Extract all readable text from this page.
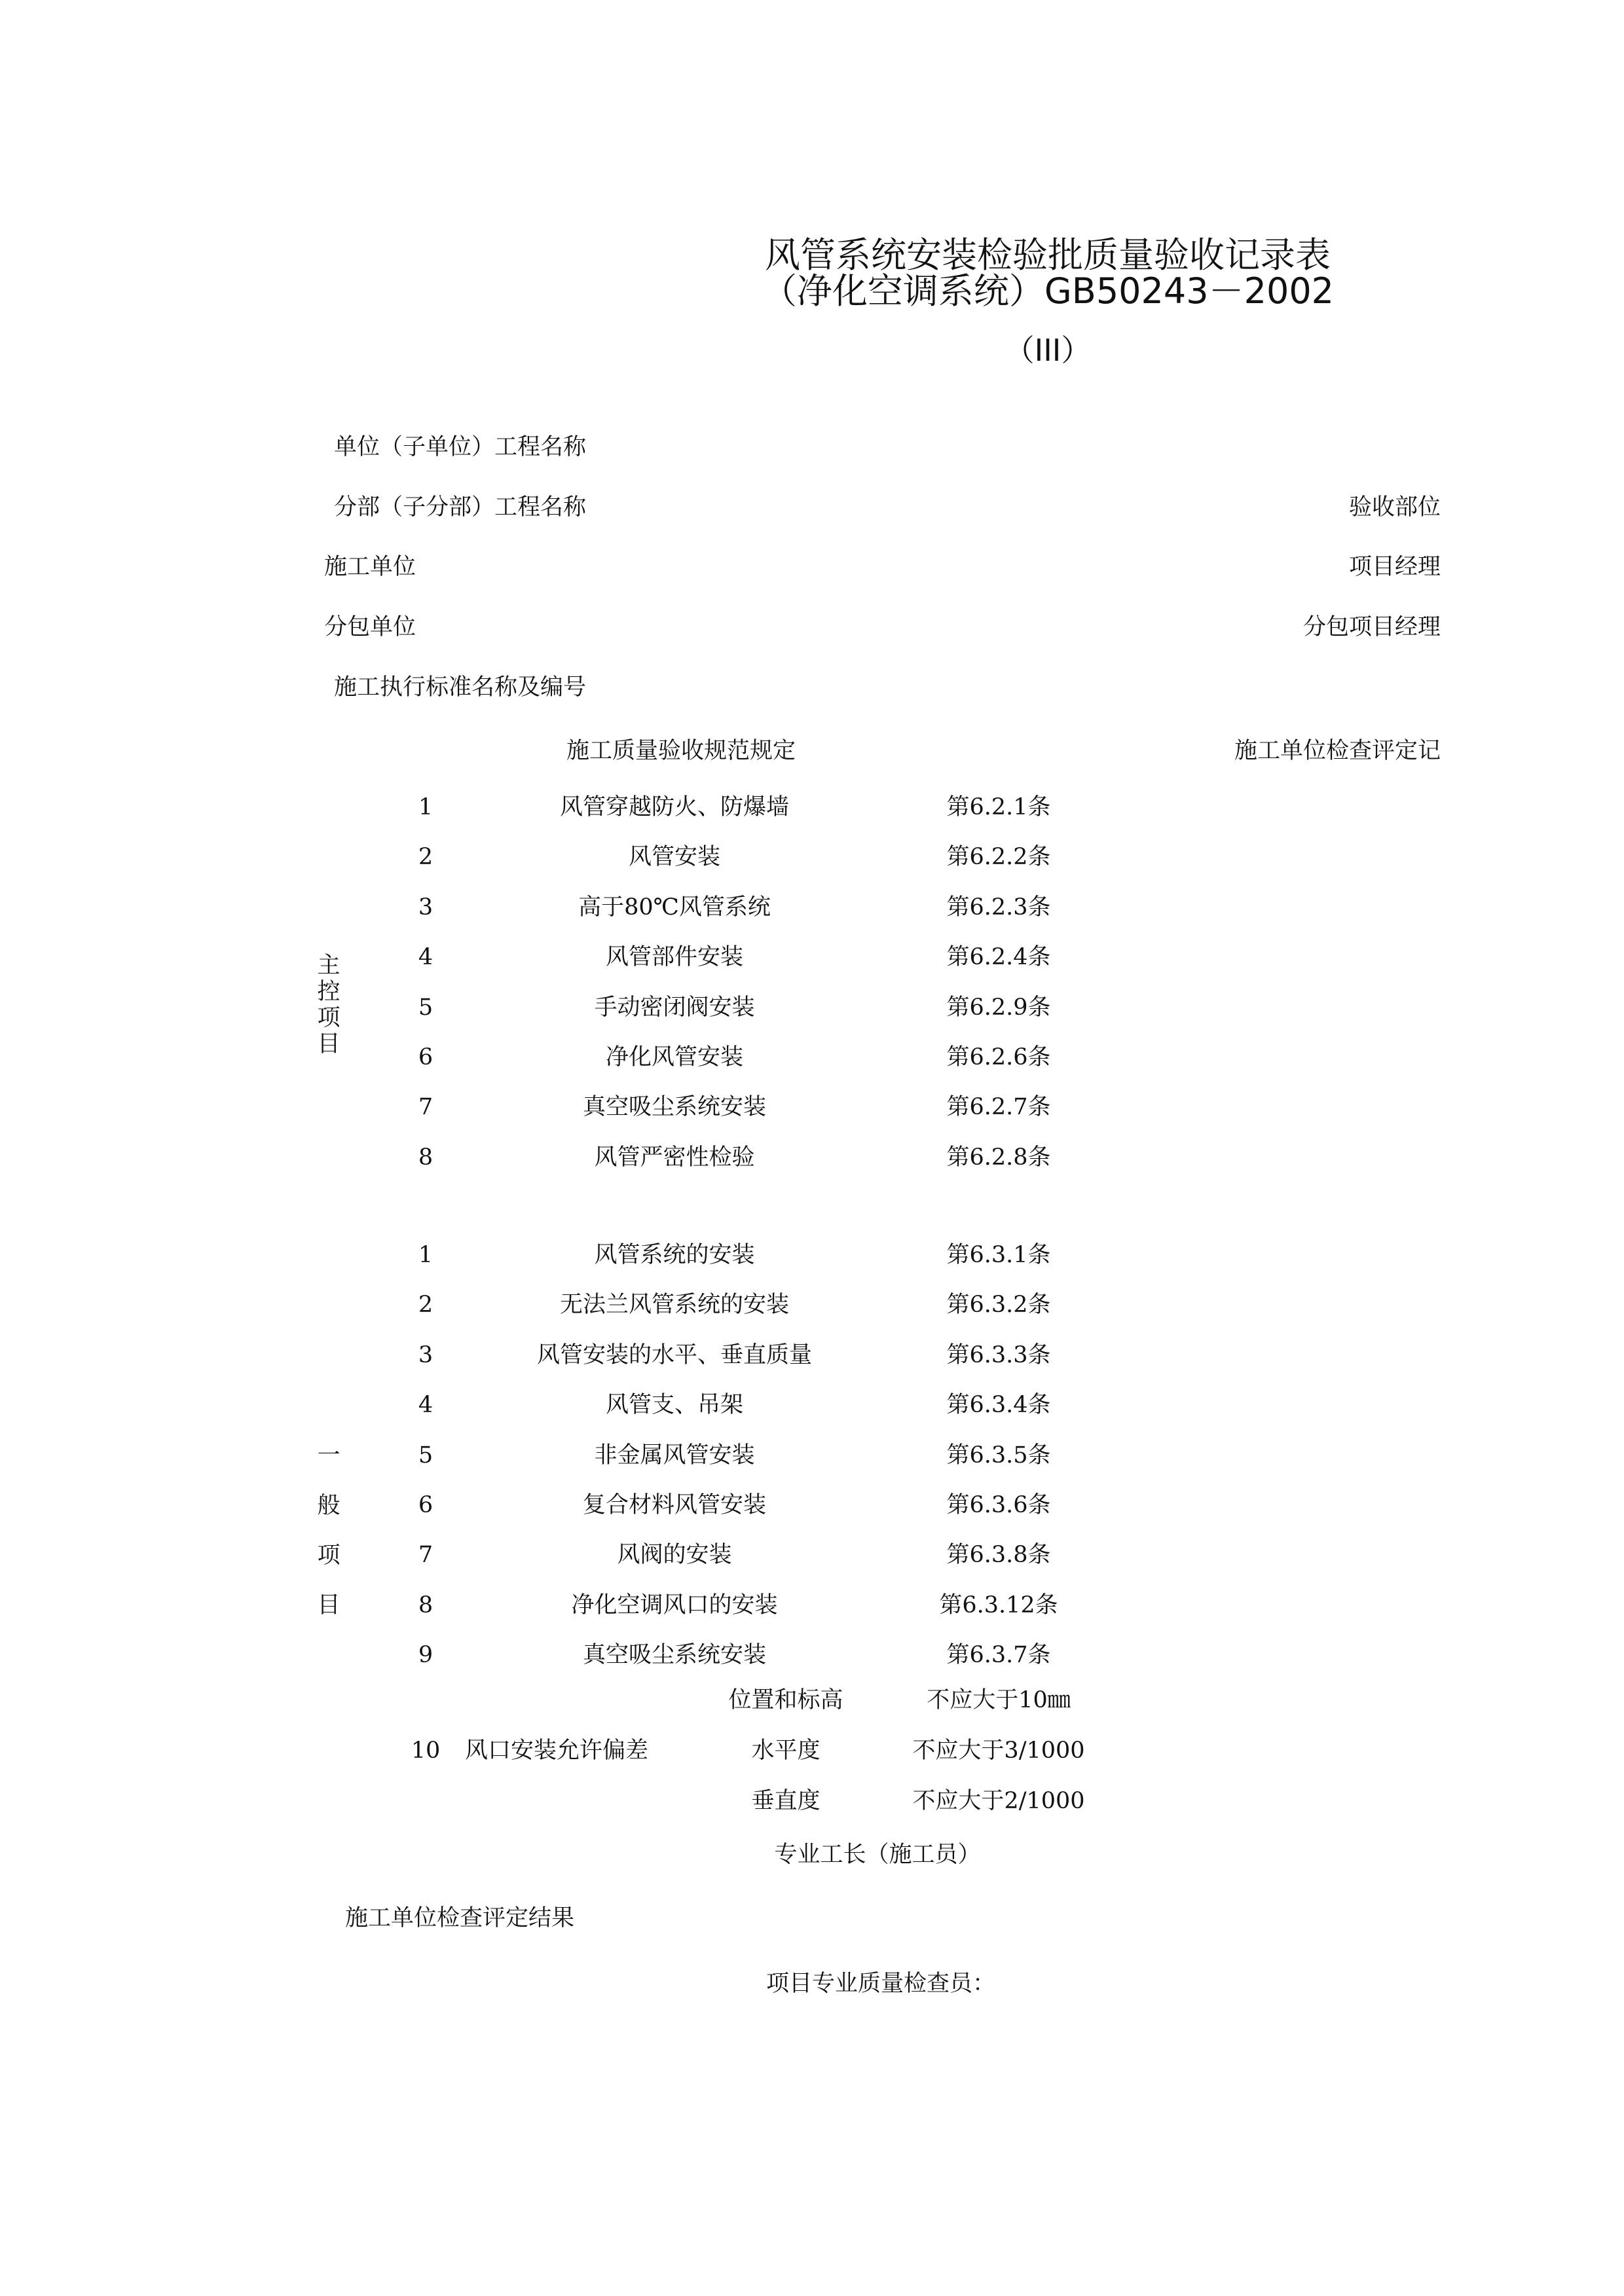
风管系统安装检验批质量验收记录表
（净化空调系统）GB50243－2002
（III）
单位（子单位）工程名称
分部（子分部）工程名称	验收部位
施工单位	项目经理
分包单位	分包项目经理
施工执行标准名称及编号
施工质量验收规范规定	施工单位检查评定记
主
控
项
目
1	风管穿越防火、防爆墙	第6.2.1条
2	风管安装	第6.2.2条
3	高于80℃风管系统	第6.2.3条
4	风管部件安装	第6.2.4条
5	手动密闭阀安装	第6.2.9条
6	净化风管安装	第6.2.6条
7	真空吸尘系统安装	第6.2.7条
8	风管严密性检验	第6.2.8条
一
般
项
目
1	风管系统的安装	第6.3.1条
2	无法兰风管系统的安装	第6.3.2条
3	风管安装的水平、垂直质量	第6.3.3条
4	风管支、吊架	第6.3.4条
5	非金属风管安装	第6.3.5条
6	复合材料风管安装	第6.3.6条
7	风阀的安装	第6.3.8条
8	净化空调风口的安装	第6.3.12条
9	真空吸尘系统安装	第6.3.7条
10	风口安装允许偏差
位置和标高	不应大于10㎜
水平度	不应大于3/1000
垂直度	不应大于2/1000
专业工长（施工员）
施工单位检查评定结果
项目专业质量检查员：
